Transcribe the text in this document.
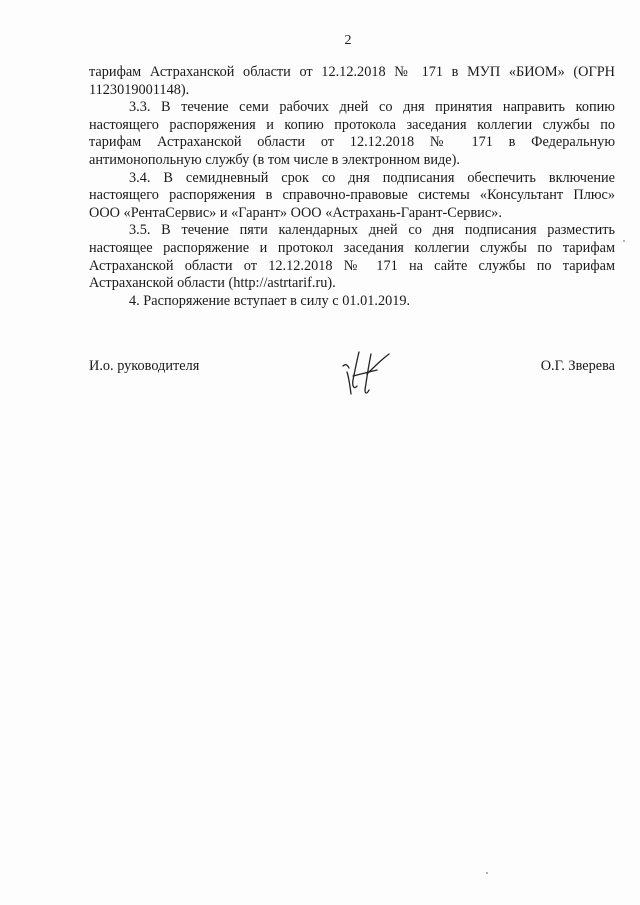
2
тарифам Астраханской области от 12.12.2018 № 171 в МУП «БИОМ» (ОГРН
1123019001148).
3.3. В течение семи рабочих дней со дня принятия направить копию
настоящего распоряжения и копию протокола заседания коллегии службы по
тарифам Астраханской области от 12.12.2018 № 171 в Федеральную
антимонопольную службу (в том числе в электронном виде).
3.4. В семидневный срок со дня подписания обеспечить включение
настоящего распоряжения в справочно-правовые системы «Консультант Плюс»
ООО «РентаСервис» и «Гарант» ООО «Астрахань-Гарант-Сервис».
3.5. В течение пяти календарных дней со дня подписания разместить
настоящее распоряжение и протокол заседания коллегии службы по тарифам
Астраханской области от 12.12.2018 № 171 на сайте службы по тарифам
Астраханской области (http://astrtarif.ru).
4. Распоряжение вступает в силу с 01.01.2019.
И.о. руководителя	О.Г. Зверева
